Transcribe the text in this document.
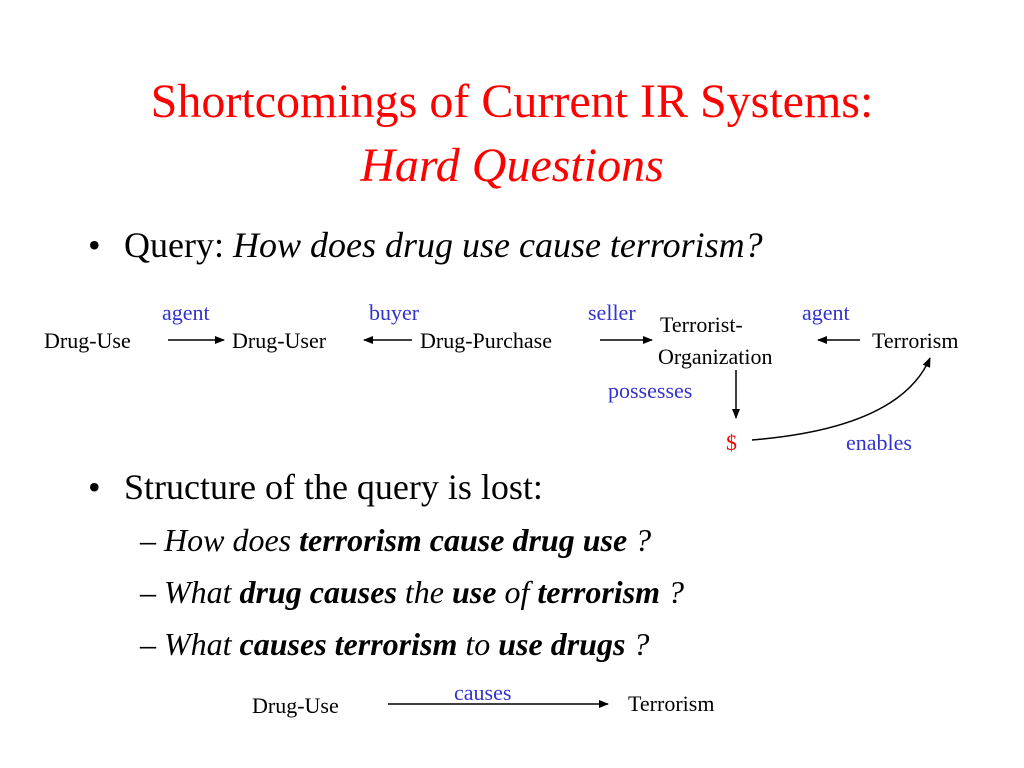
Shortcomings of Current IR Systems:
Hard Questions
• Query: How does drug use cause terrorism?
Drug-Use	Drug-User	Drug-Purchase
Terrorist-
Organization
Terrorism
$
agent	buyer	seller	agent
possesses
enables
• Structure of the query is lost:
– How does terrorism cause drug use ?
– What drug causes the use of terrorism ?
– What causes terrorism to use drugs ?
Drug-Use
causes	Terrorism
